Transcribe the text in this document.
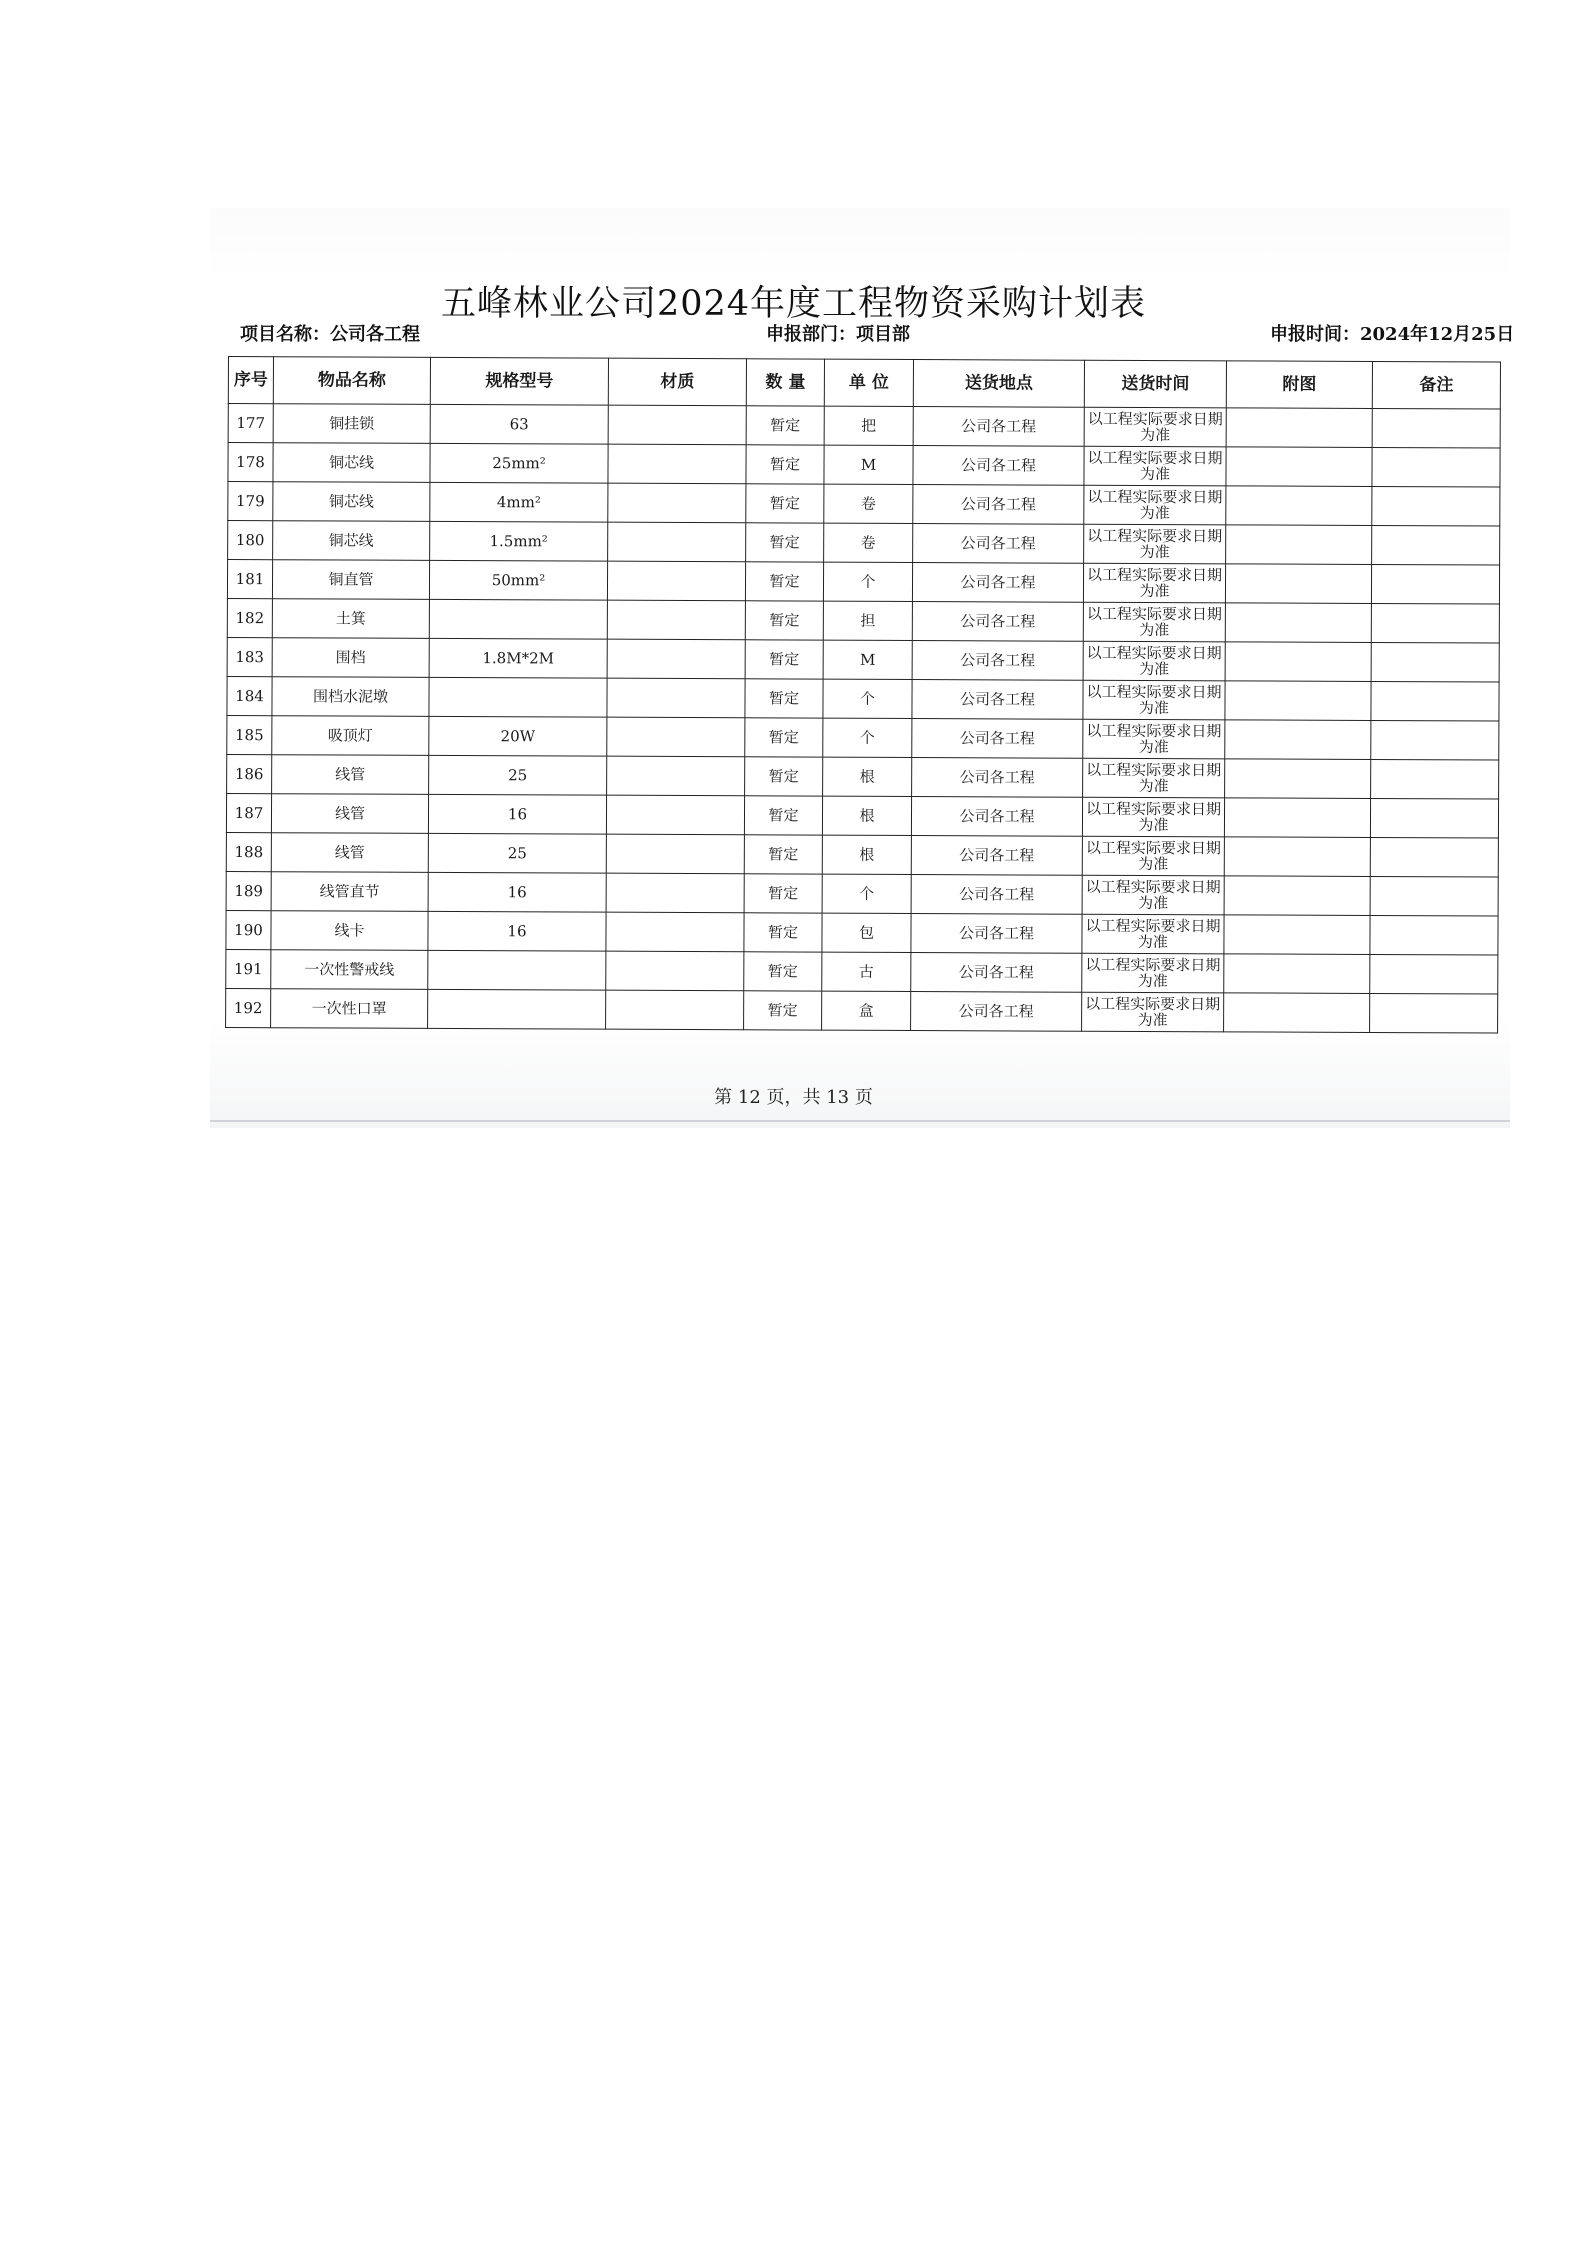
五峰林业公司2024年度工程物资采购计划表
项目名称：公司各工程	申报部门：项目部	申报时间：2024年12月25日
序号	物品名称	规格型号	材质	数 量	单 位	送货地点	送货时间	附图	备注
177	铜挂锁	63		暂定	把	公司各工程	以工程实际要求日期为准		
178	铜芯线	25mm²		暂定	M	公司各工程	以工程实际要求日期为准		
179	铜芯线	4mm²		暂定	卷	公司各工程	以工程实际要求日期为准		
180	铜芯线	1.5mm²		暂定	卷	公司各工程	以工程实际要求日期为准		
181	铜直管	50mm²		暂定	个	公司各工程	以工程实际要求日期为准		
182	土箕			暂定	担	公司各工程	以工程实际要求日期为准		
183	围档	1.8M*2M		暂定	M	公司各工程	以工程实际要求日期为准		
184	围档水泥墩			暂定	个	公司各工程	以工程实际要求日期为准		
185	吸顶灯	20W		暂定	个	公司各工程	以工程实际要求日期为准		
186	线管	25		暂定	根	公司各工程	以工程实际要求日期为准		
187	线管	16		暂定	根	公司各工程	以工程实际要求日期为准		
188	线管	25		暂定	根	公司各工程	以工程实际要求日期为准		
189	线管直节	16		暂定	个	公司各工程	以工程实际要求日期为准		
190	线卡	16		暂定	包	公司各工程	以工程实际要求日期为准		
191	一次性警戒线			暂定	古	公司各工程	以工程实际要求日期为准		
192	一次性口罩			暂定	盒	公司各工程	以工程实际要求日期为准		
第 12 页，共 13 页
